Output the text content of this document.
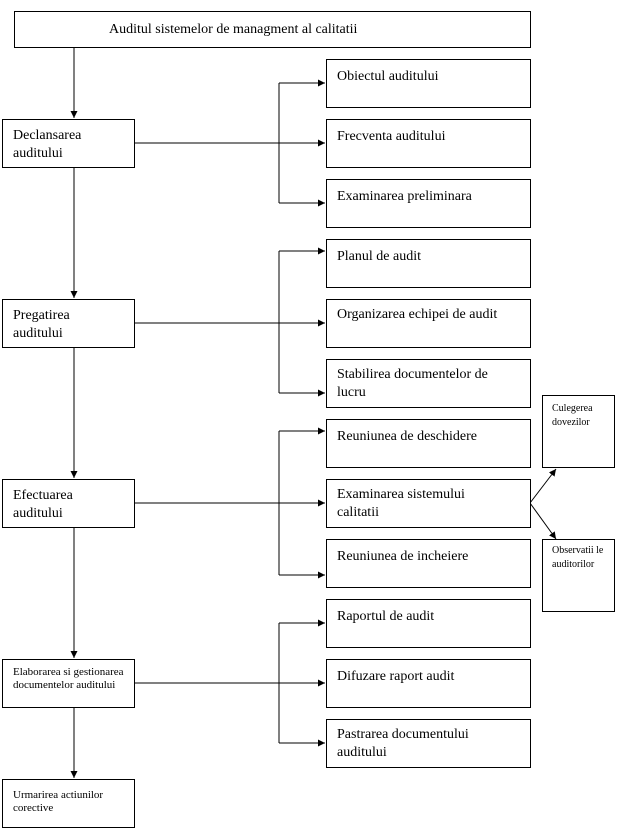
Auditul sistemelor de managment al calitatii
Declansarea auditului
Pregatirea auditului
Efectuarea auditului
Elaborarea si gestionarea documentelor auditului
Urmarirea actiunilor corective
Obiectul auditului
Frecventa auditului
Examinarea preliminara
Planul de audit
Organizarea echipei de audit
Stabilirea documentelor de lucru
Reuniunea de deschidere
Examinarea sistemului calitatii
Reuniunea de incheiere
Raportul de audit
Difuzare raport audit
Pastrarea documentului auditului
Culegerea dovezilor
Observatii le auditorilor
